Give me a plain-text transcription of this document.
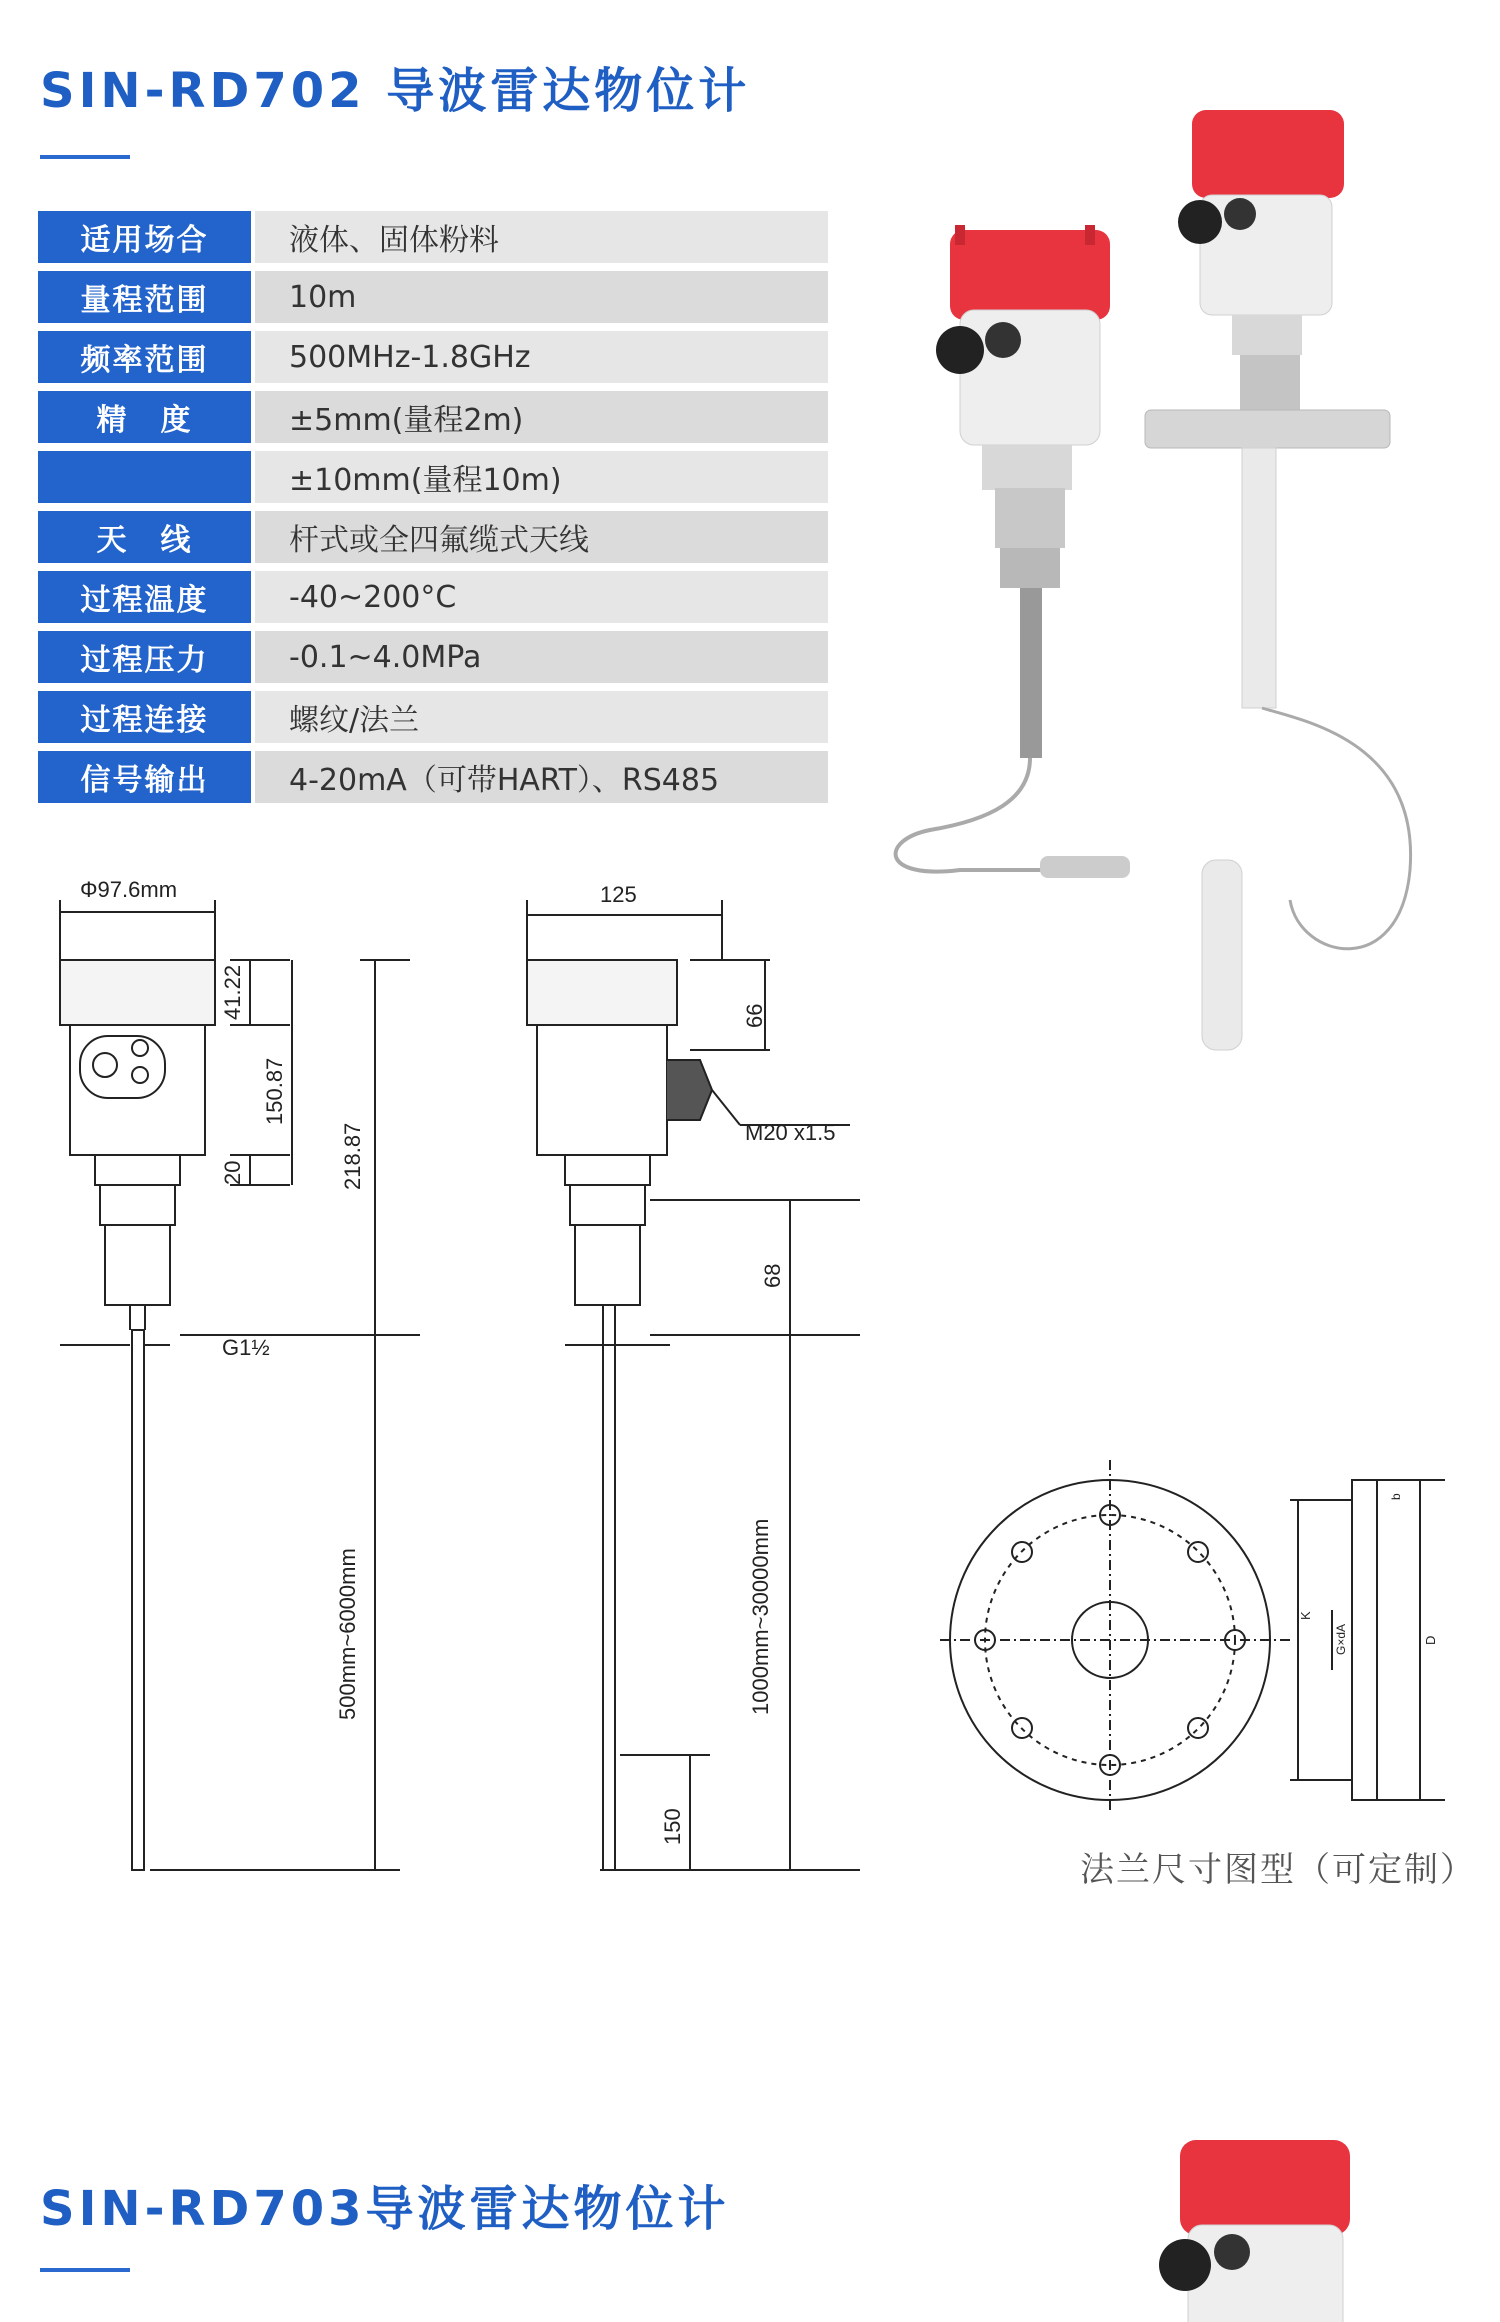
SIN-RD702 导波雷达物位计
适用场合	液体、固体粉料
量程范围	10m
频率范围	500MHz-1.8GHz
精　度	±5mm(量程2m)
±10mm(量程10m)
天　线	杆式或全四氟缆式天线
过程温度	-40~200°C
过程压力	-0.1~4.0MPa
过程连接	螺纹/法兰
信号输出	4-20mA（可带HART）、RS485
Φ97.6mm
41.22
150.87
218.87
20
G1½
500mm~6000mm
125
66
M20 x1.5
68
1000mm~30000mm
150
K
G×dA	D
b

法兰尺寸图型（可定制）

SIN-RD703导波雷达物位计
